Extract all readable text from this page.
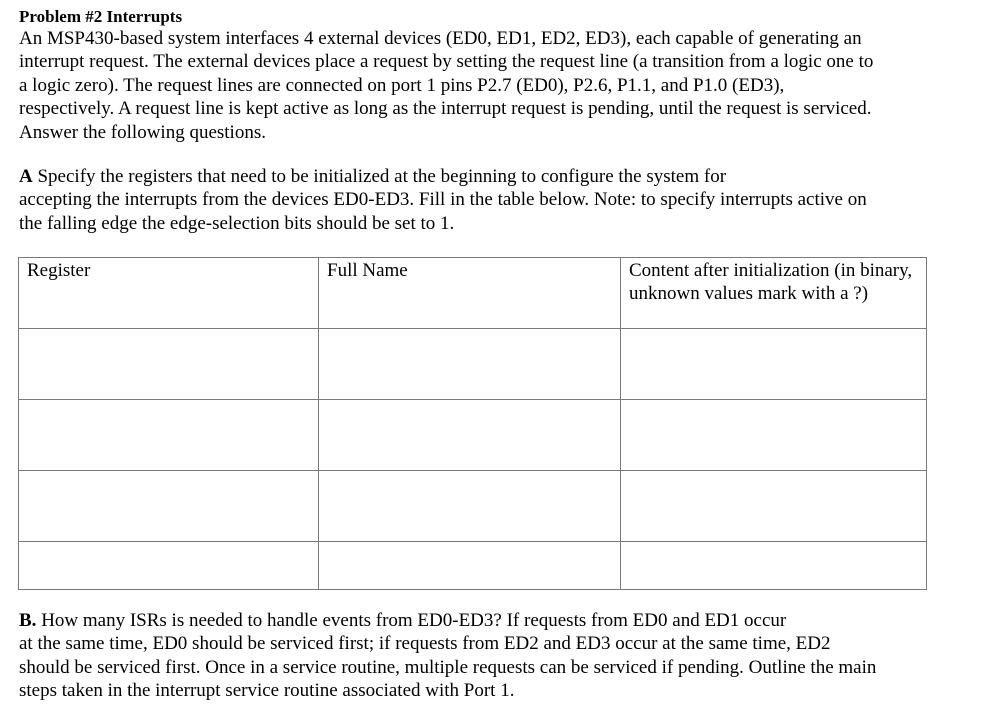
Problem #2 Interrupts
An MSP430-based system interfaces 4 external devices (ED0, ED1, ED2, ED3), each capable of generating an
interrupt request. The external devices place a request by setting the request line (a transition from a logic one to
a logic zero). The request lines are connected on port 1 pins P2.7 (ED0), P2.6, P1.1, and P1.0 (ED3),
respectively. A request line is kept active as long as the interrupt request is pending, until the request is serviced.
Answer the following questions.
A Specify the registers that need to be initialized at the beginning to configure the system for
accepting the interrupts from the devices ED0-ED3. Fill in the table below. Note: to specify interrupts active on
the falling edge the edge-selection bits should be set to 1.
Register	Full Name	Content after initialization (in binary, unknown values mark with a ?)

B. How many ISRs is needed to handle events from ED0-ED3? If requests from ED0 and ED1 occur
at the same time, ED0 should be serviced first; if requests from ED2 and ED3 occur at the same time, ED2
should be serviced first. Once in a service routine, multiple requests can be serviced if pending. Outline the main
steps taken in the interrupt service routine associated with Port 1.
